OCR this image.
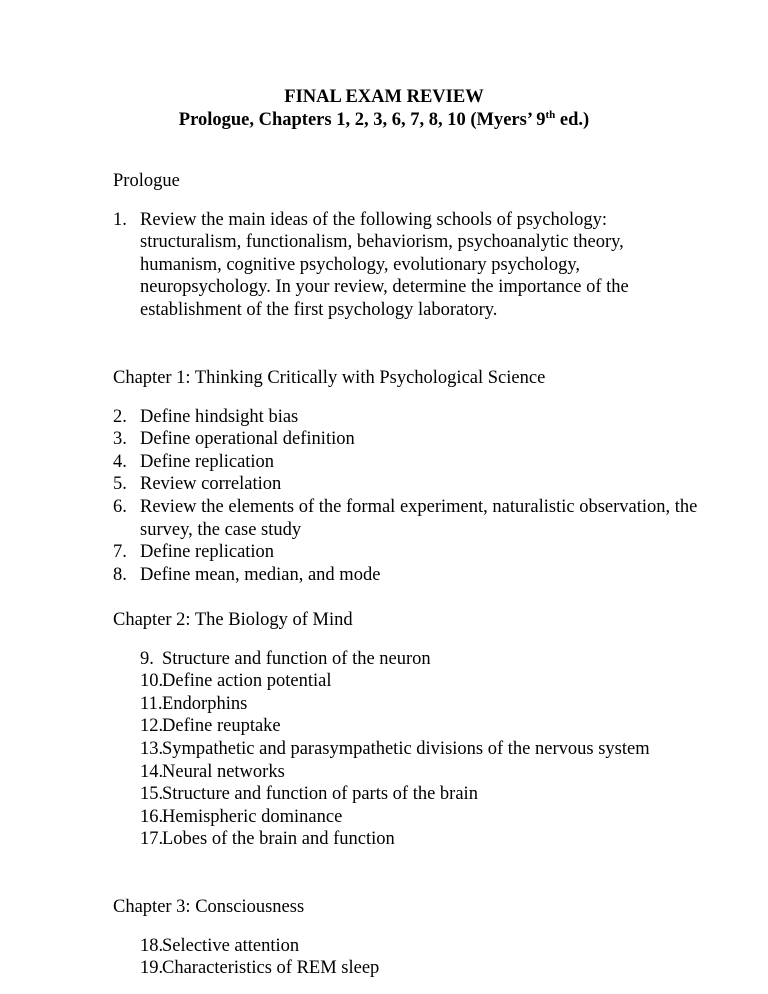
FINAL EXAM REVIEW
Prologue, Chapters 1, 2, 3, 6, 7, 8, 10 (Myers’ 9th ed.)
Prologue
1. Review the main ideas of the following schools of psychology: structuralism, functionalism, behaviorism, psychoanalytic theory, humanism, cognitive psychology, evolutionary psychology, neuropsychology. In your review, determine the importance of the establishment of the first psychology laboratory.
Chapter 1: Thinking Critically with Psychological Science
2. Define hindsight bias
3. Define operational definition
4. Define replication
5. Review correlation
6. Review the elements of the formal experiment, naturalistic observation, the survey, the case study
7. Define replication
8. Define mean, median, and mode
Chapter 2: The Biology of Mind
9. Structure and function of the neuron
10.
Define action potential
11. Endorphins
12.
Define reuptake
13.
Sympathetic and parasympathetic divisions of the nervous system
14.
Neural networks
15.
Structure and function of parts of the brain
16.
Hemispheric dominance
17.
Lobes of the brain and function
Chapter 3: Consciousness
18.
Selective attention
19.
Characteristics of REM sleep
